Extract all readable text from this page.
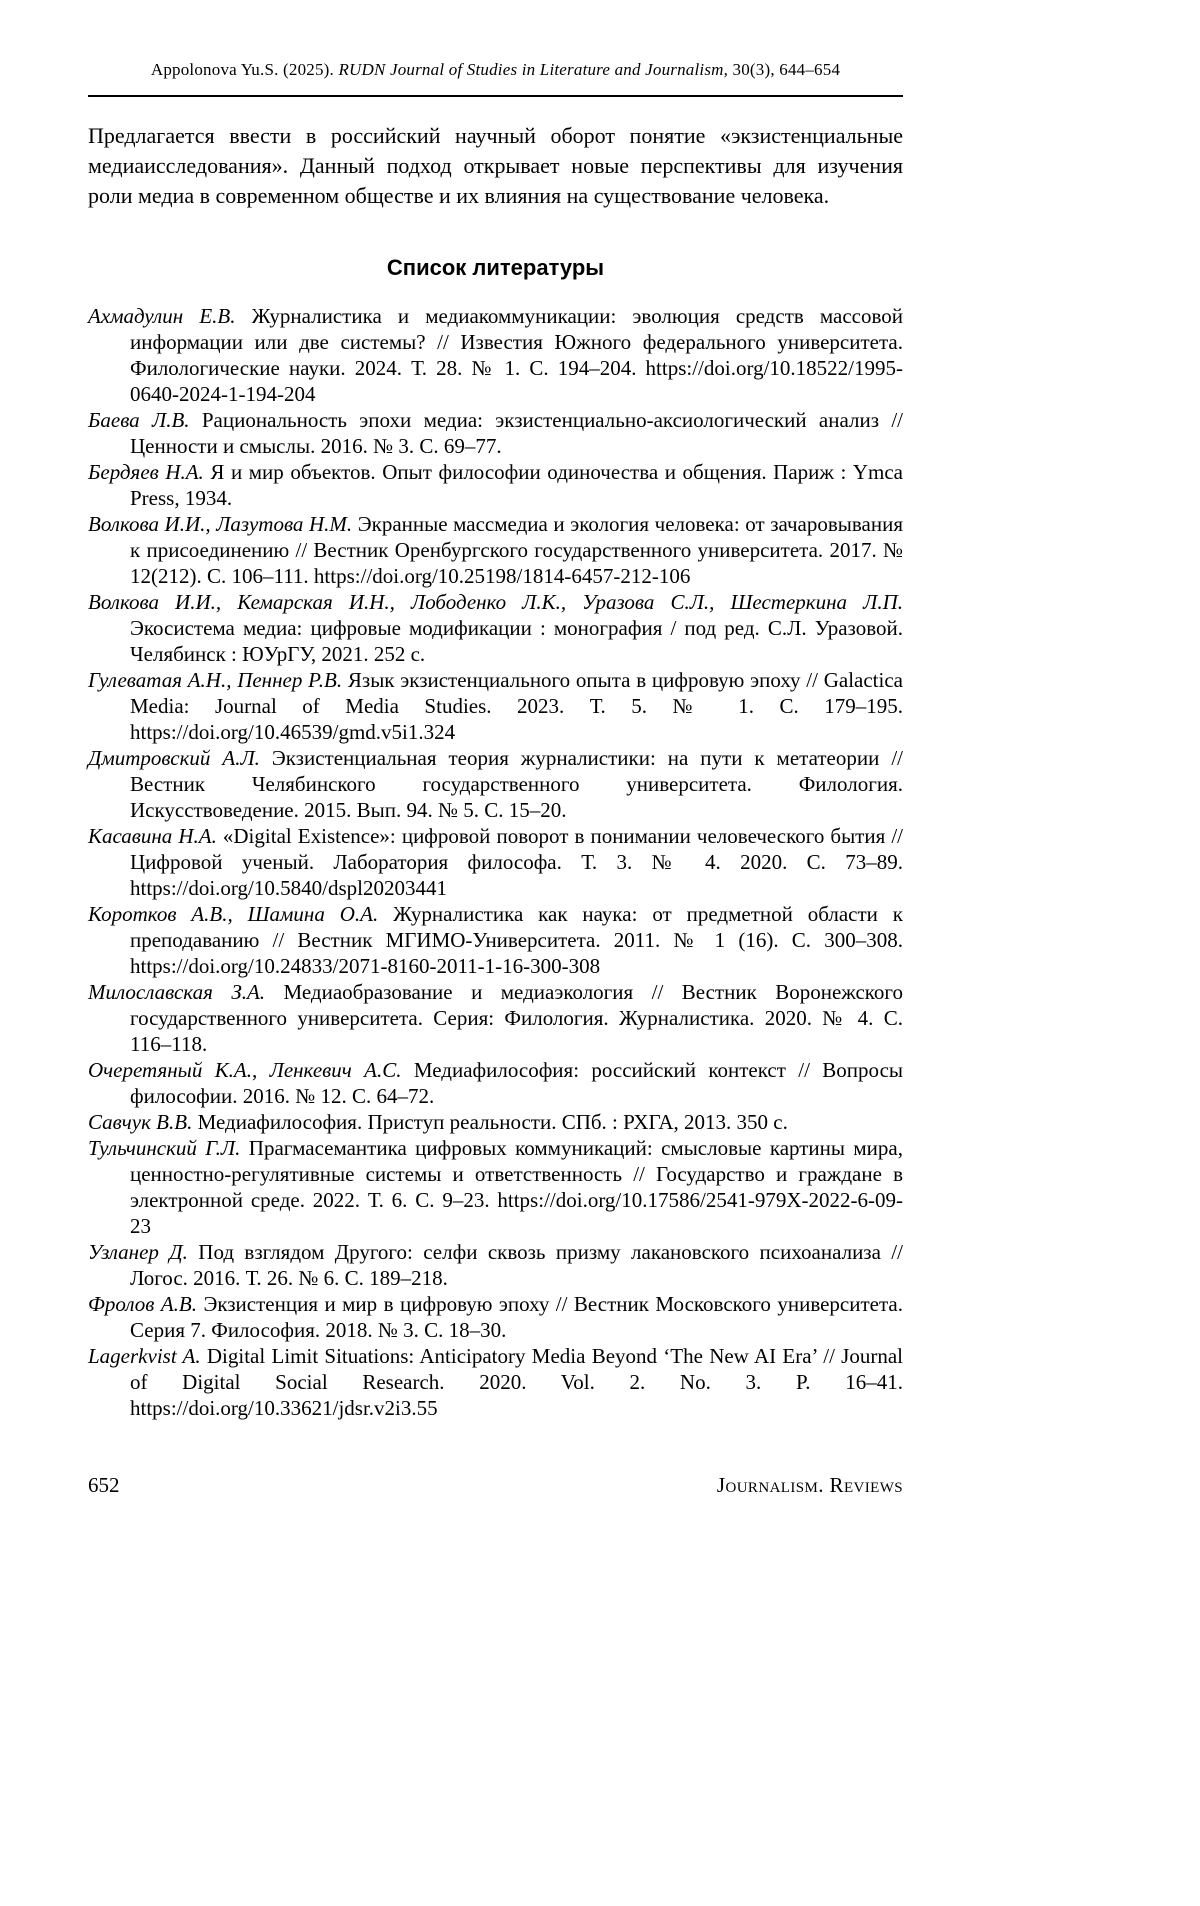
Appolonova Yu.S. (2025). RUDN Journal of Studies in Literature and Journalism, 30(3), 644–654

Предлагается ввести в российский научный оборот понятие «экзистенциальные медиаисследования». Данный подход открывает новые перспективы для изучения роли медиа в современном обществе и их влияния на существование человека.

Список литературы

Ахмадулин Е.В. Журналистика и медиакоммуникации: эволюция средств массовой информации или две системы? // Известия Южного федерального университета. Филологические науки. 2024. Т. 28. № 1. С. 194–204. https://doi.org/10.18522/1995-0640-2024-1-194-204

Баева Л.В. Рациональность эпохи медиа: экзистенциально-аксиологический анализ // Ценности и смыслы. 2016. № 3. С. 69–77.

Бердяев Н.А. Я и мир объектов. Опыт философии одиночества и общения. Париж : Ymca Press, 1934.

Волкова И.И., Лазутова Н.М. Экранные массмедиа и экология человека: от зачаровывания к присоединению // Вестник Оренбургского государственного университета. 2017. № 12(212). С. 106–111. https://doi.org/10.25198/1814-6457-212-106

Волкова И.И., Кемарская И.Н., Лободенко Л.К., Уразова С.Л., Шестеркина Л.П. Экосистема медиа: цифровые модификации : монография / под ред. С.Л. Уразовой. Челябинск : ЮУрГУ, 2021. 252 с.

Гулеватая А.Н., Пеннер Р.В. Язык экзистенциального опыта в цифровую эпоху // Galactica Media: Journal of Media Studies. 2023. Т. 5. № 1. С. 179–195. https://doi.org/10.46539/gmd.v5i1.324

Дмитровский А.Л. Экзистенциальная теория журналистики: на пути к метатеории // Вестник Челябинского государственного университета. Филология. Искусствоведение. 2015. Вып. 94. № 5. С. 15–20.

Касавина Н.А. «Digital Existence»: цифровой поворот в понимании человеческого бытия // Цифровой ученый. Лаборатория философа. Т. 3. № 4. 2020. С. 73–89. https://doi.org/10.5840/dspl20203441

Коротков А.В., Шамина О.А. Журналистика как наука: от предметной области к преподаванию // Вестник МГИМО-Университета. 2011. № 1 (16). С. 300–308. https://doi.org/10.24833/2071-8160-2011-1-16-300-308

Милославская З.А. Медиаобразование и медиаэкология // Вестник Воронежского государственного университета. Серия: Филология. Журналистика. 2020. № 4. С. 116–118.

Очеретяный К.А., Ленкевич А.С. Медиафилософия: российский контекст // Вопросы философии. 2016. № 12. С. 64–72.

Савчук В.В. Медиафилософия. Приступ реальности. СПб. : РХГА, 2013. 350 с.

Тульчинский Г.Л. Прагмасемантика цифровых коммуникаций: смысловые картины мира, ценностно-регулятивные системы и ответственность // Государство и граждане в электронной среде. 2022. Т. 6. С. 9–23. https://doi.org/10.17586/2541-979X-2022-6-09-23

Узланер Д. Под взглядом Другого: селфи сквозь призму лакановского психоанализа // Логос. 2016. Т. 26. № 6. С. 189–218.

Фролов А.В. Экзистенция и мир в цифровую эпоху // Вестник Московского университета. Серия 7. Философия. 2018. № 3. С. 18–30.

Lagerkvist A. Digital Limit Situations: Anticipatory Media Beyond ‘The New AI Era’ // Journal of Digital Social Research. 2020. Vol. 2. No. 3. P. 16–41. https://doi.org/10.33621/jdsr.v2i3.55

652	Journalism. Reviews
